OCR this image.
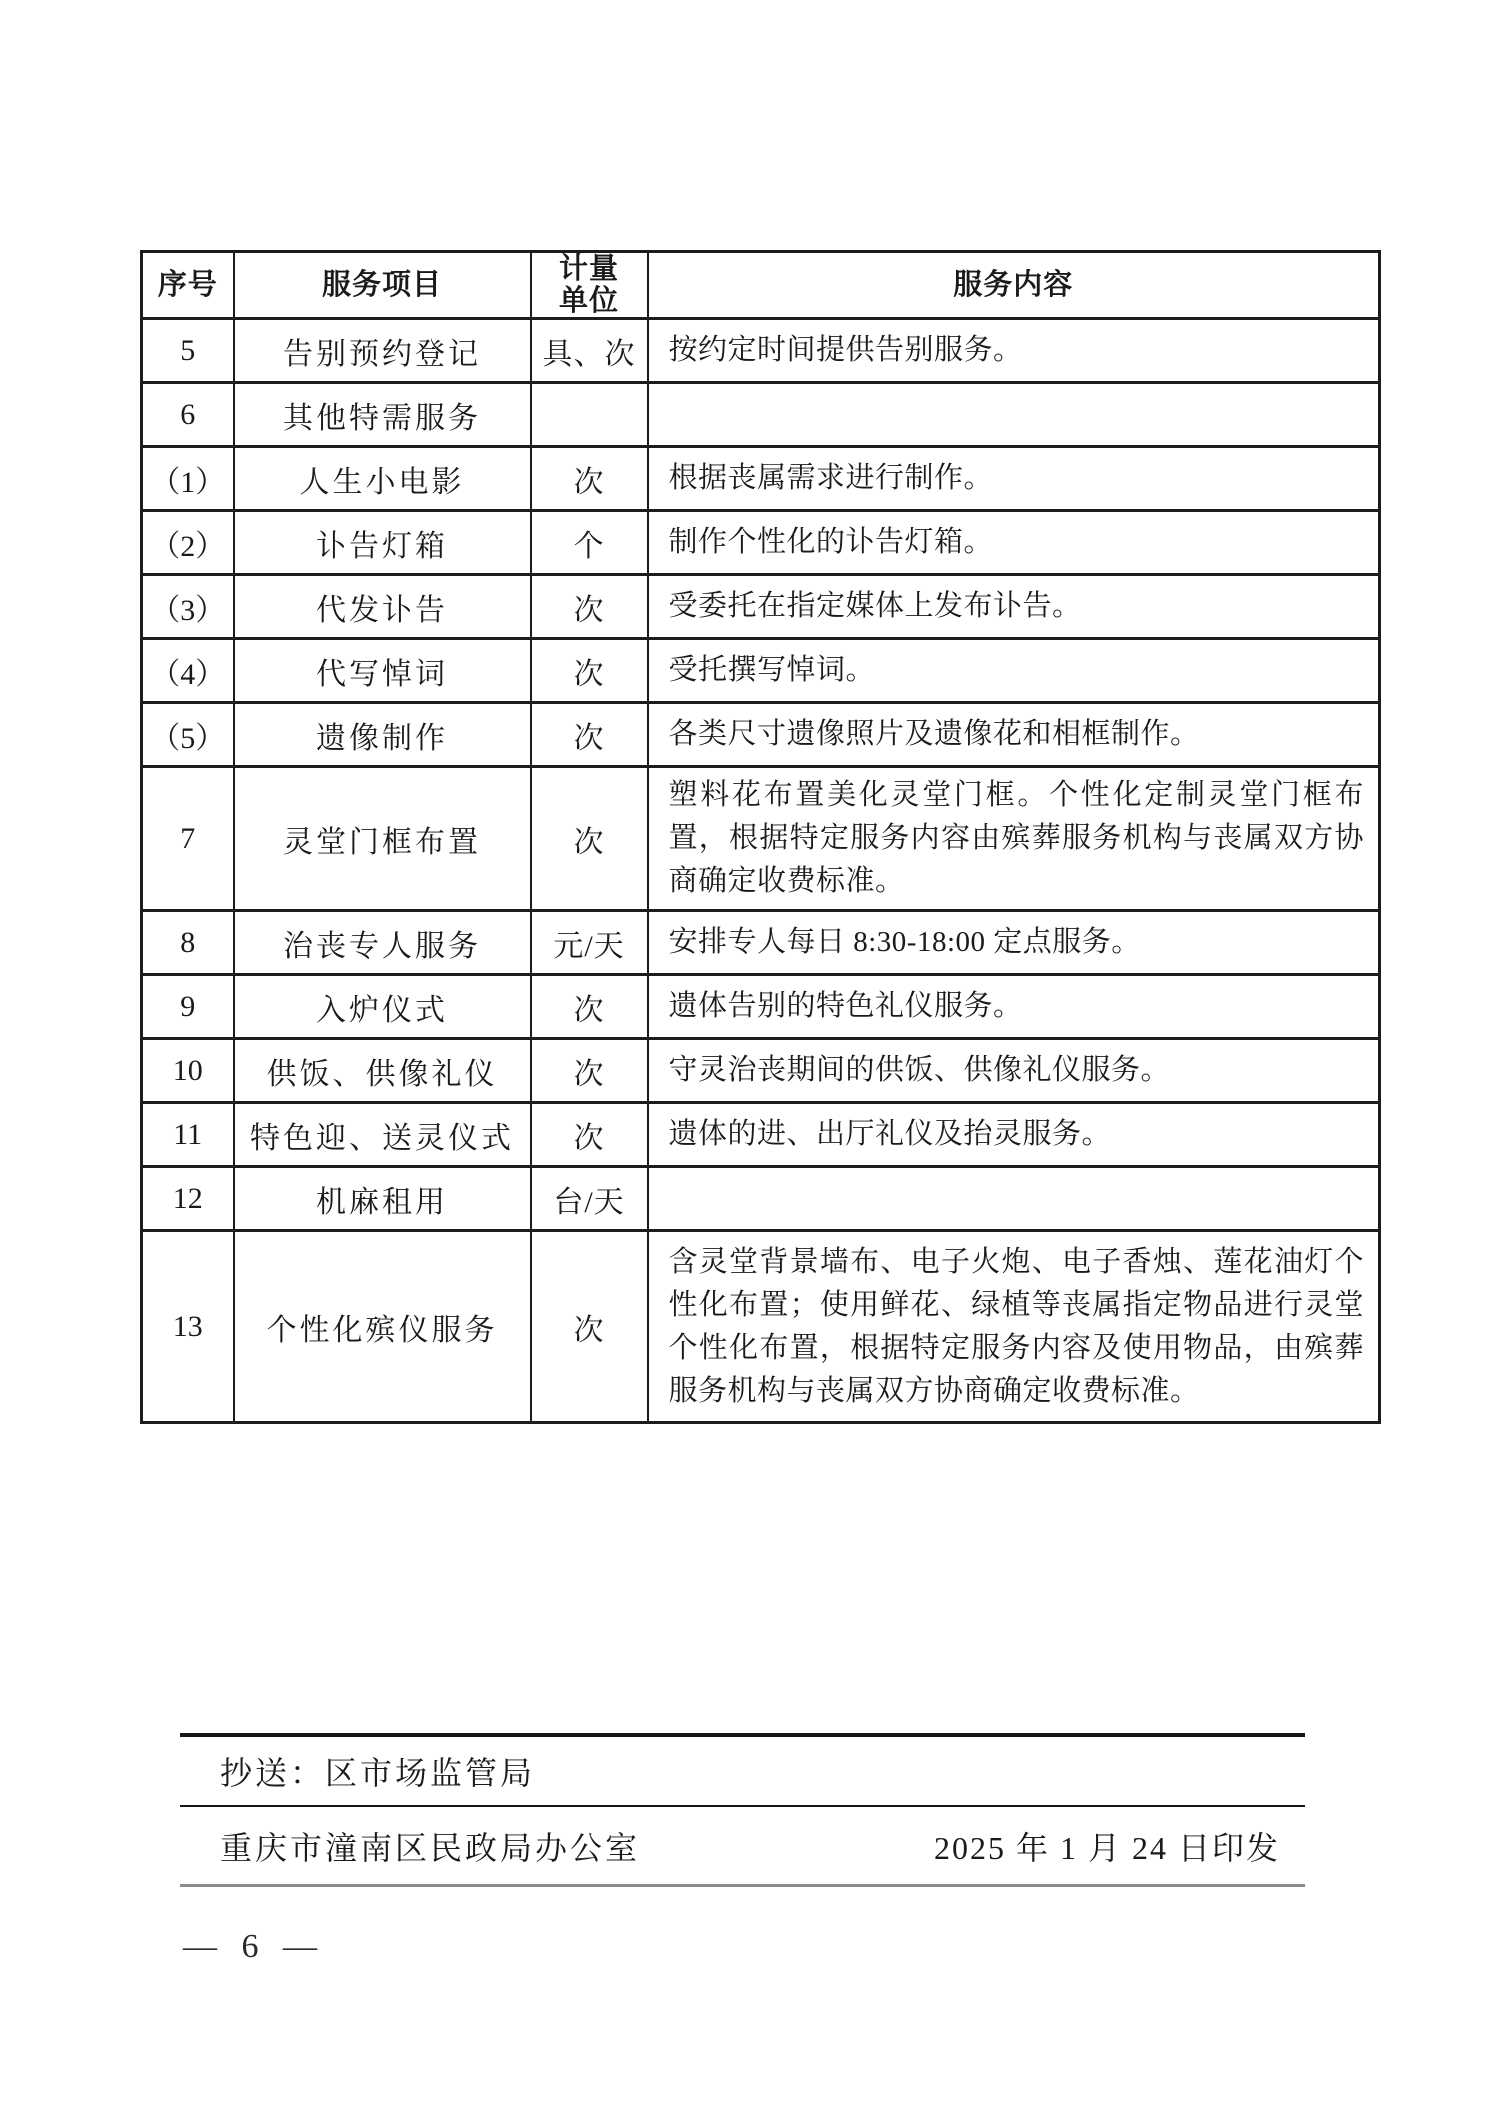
序号	服务项目	计量单位	服务内容
5	告别预约登记	具、次	按约定时间提供告别服务。
6	其他特需服务		
（1）	人生小电影	次	根据丧属需求进行制作。
（2）	讣告灯箱	个	制作个性化的讣告灯箱。
（3）	代发讣告	次	受委托在指定媒体上发布讣告。
（4）	代写悼词	次	受托撰写悼词。
（5）	遗像制作	次	各类尺寸遗像照片及遗像花和相框制作。
7	灵堂门框布置	次	塑料花布置美化灵堂门框。个性化定制灵堂门框布置，根据特定服务内容由殡葬服务机构与丧属双方协商确定收费标准。
8	治丧专人服务	元/天	安排专人每日 8:30-18:00 定点服务。
9	入炉仪式	次	遗体告别的特色礼仪服务。
10	供饭、供像礼仪	次	守灵治丧期间的供饭、供像礼仪服务。
11	特色迎、送灵仪式	次	遗体的进、出厅礼仪及抬灵服务。
12	机麻租用	台/天	
13	个性化殡仪服务	次	含灵堂背景墙布、电子火炮、电子香烛、莲花油灯个性化布置；使用鲜花、绿植等丧属指定物品进行灵堂个性化布置，根据特定服务内容及使用物品，由殡葬服务机构与丧属双方协商确定收费标准。
抄送：区市场监管局
重庆市潼南区民政局办公室	2025 年 1 月 24 日印发
— 6 —
